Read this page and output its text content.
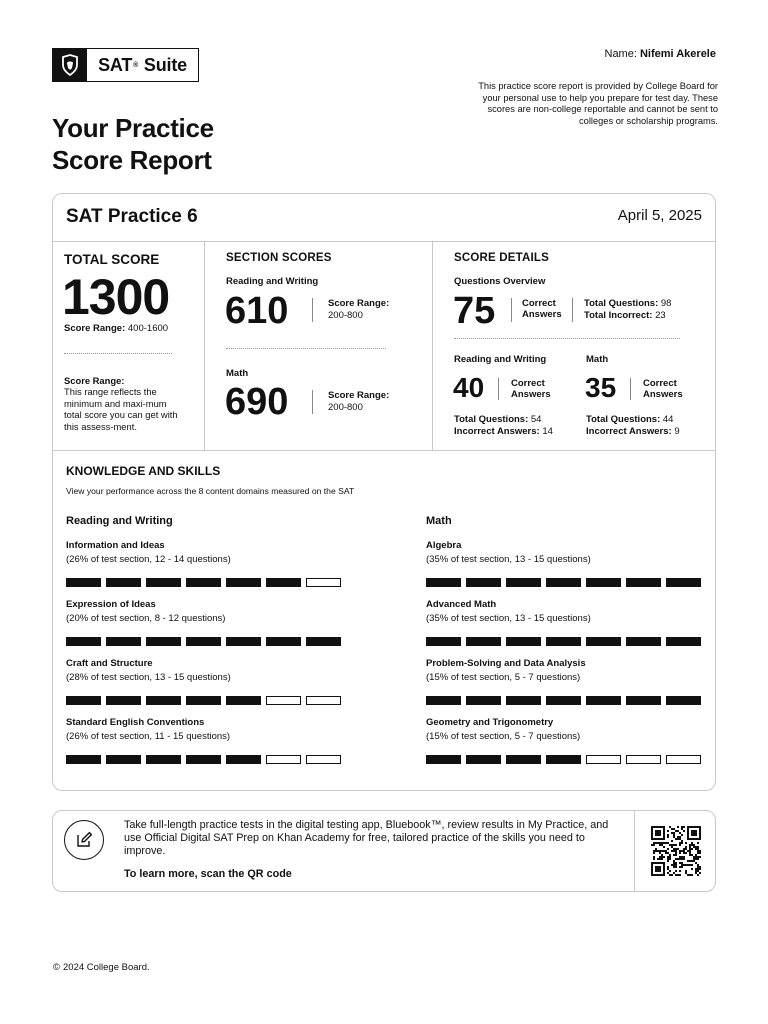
SAT ®
Suite
Name: Nifemi Akerele
This practice score report is provided by College Board for your personal use to help you prepare for test day. These scores are non-college reportable and cannot be sent to colleges or scholarship programs.
Your Practice
Score Report
SAT Practice 6	April 5, 2025
TOTAL SCORE
1300
Score Range: 400-1600
Score Range:
This range reflects the minimum and maxi-mum total score you can get with this assess-ment.
SECTION SCORES
Reading and Writing
610	Score Range:
200-800
Math
690	Score Range:
200-800
SCORE DETAILS
Questions Overview
75	Correct
Answers
Total Questions: 98
Total Incorrect: 23
Reading and Writing
40	Correct
Answers
Total Questions: 54
Incorrect Answers: 14
Math
35	Correct
Answers
Total Questions: 44
Incorrect Answers: 9
KNOWLEDGE AND SKILLS
View your performance across the 8 content domains measured on the SAT
Reading and Writing
Information and Ideas
(26% of test section, 12 - 14 questions)
Expression of Ideas
(20% of test section, 8 - 12 questions)
Craft and Structure
(28% of test section, 13 - 15 questions)
Standard English Conventions
(26% of test section, 11 - 15 questions)
Math
Algebra
(35% of test section, 13 - 15 questions)
Advanced Math
(35% of test section, 13 - 15 questions)
Problem-Solving and Data Analysis
(15% of test section, 5 - 7 questions)
Geometry and Trigonometry
(15% of test section, 5 - 7 questions)
Take full-length practice tests in the digital testing app, Bluebook™, review results in My Practice, and use Official Digital SAT Prep on Khan Academy for free, tailored practice of the skills you need to improve.
To learn more, scan the QR code
© 2024 College Board.
